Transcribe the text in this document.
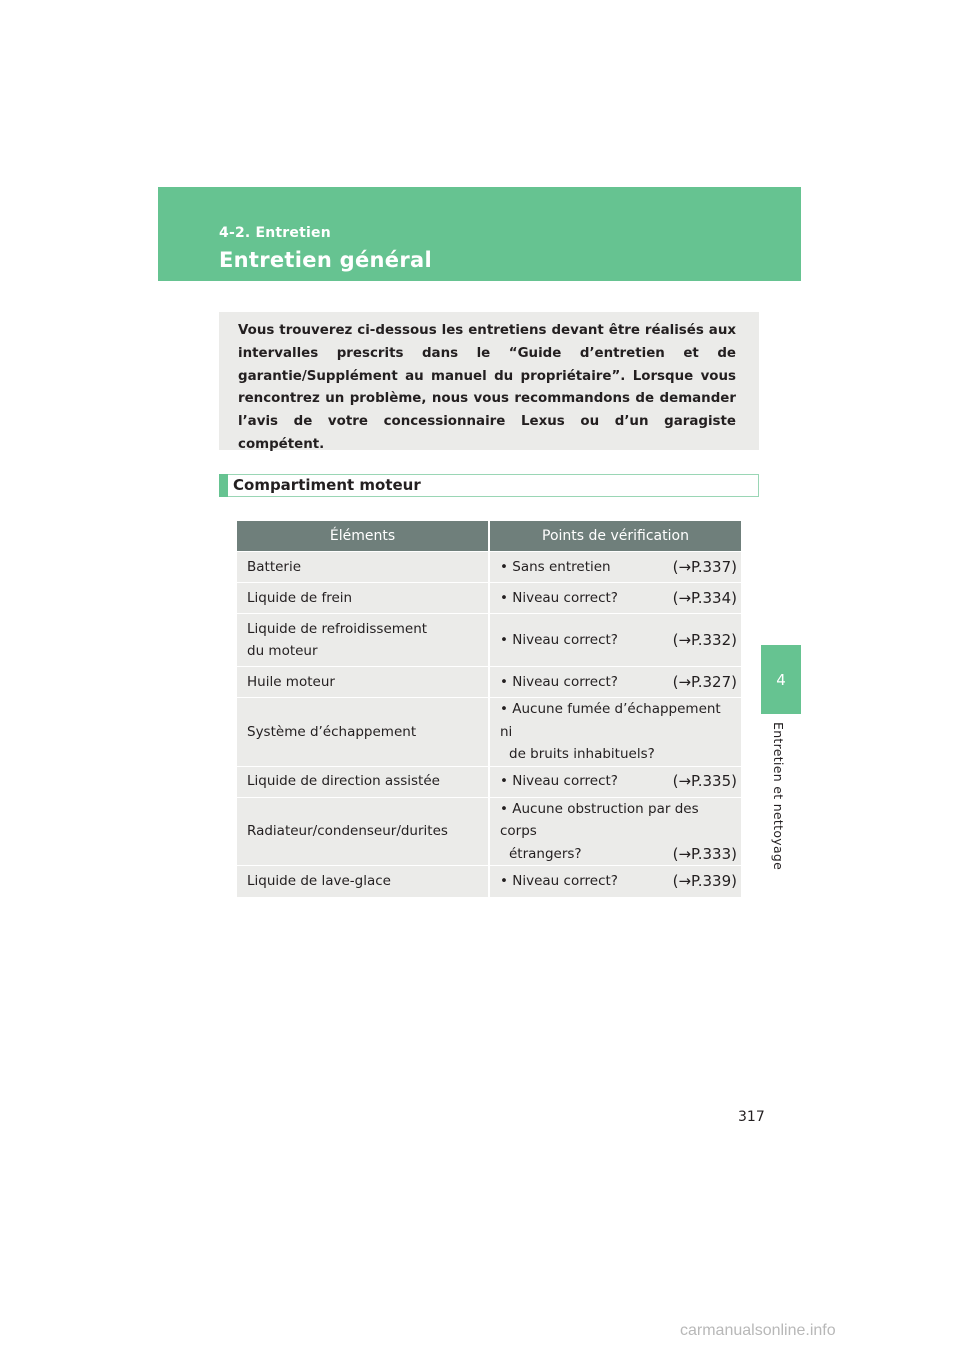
4-2. Entretien
Entretien général

Vous trouverez ci-dessous les entretiens devant être réalisés aux intervalles prescrits dans le “Guide d’entretien et de garantie/Supplément au manuel du propriétaire”. Lorsque vous rencontrez un problème, nous vous recommandons de demander l’avis de votre concessionnaire Lexus ou d’un garagiste compétent.

Compartiment moteur
Éléments	Points de vérification
Batterie	• Sans entretien (→P.337)

Liquide de frein	• Niveau correct? (→P.334)

Liquide de refroidissement du moteur	• Niveau correct? (→P.332)

Huile moteur	• Niveau correct? (→P.327)

Système d’échappement	• Aucune fumée d’échappement ni
de bruits inhabituels?

Liquide de direction assistée	• Niveau correct? (→P.335)

Radiateur/condenseur/durites	• Aucune obstruction par des corps
étrangers? (→P.333)

Liquide de lave-glace	• Niveau correct? (→P.339)
4
Entretien et nettoyage
317
carmanualsonline.info
